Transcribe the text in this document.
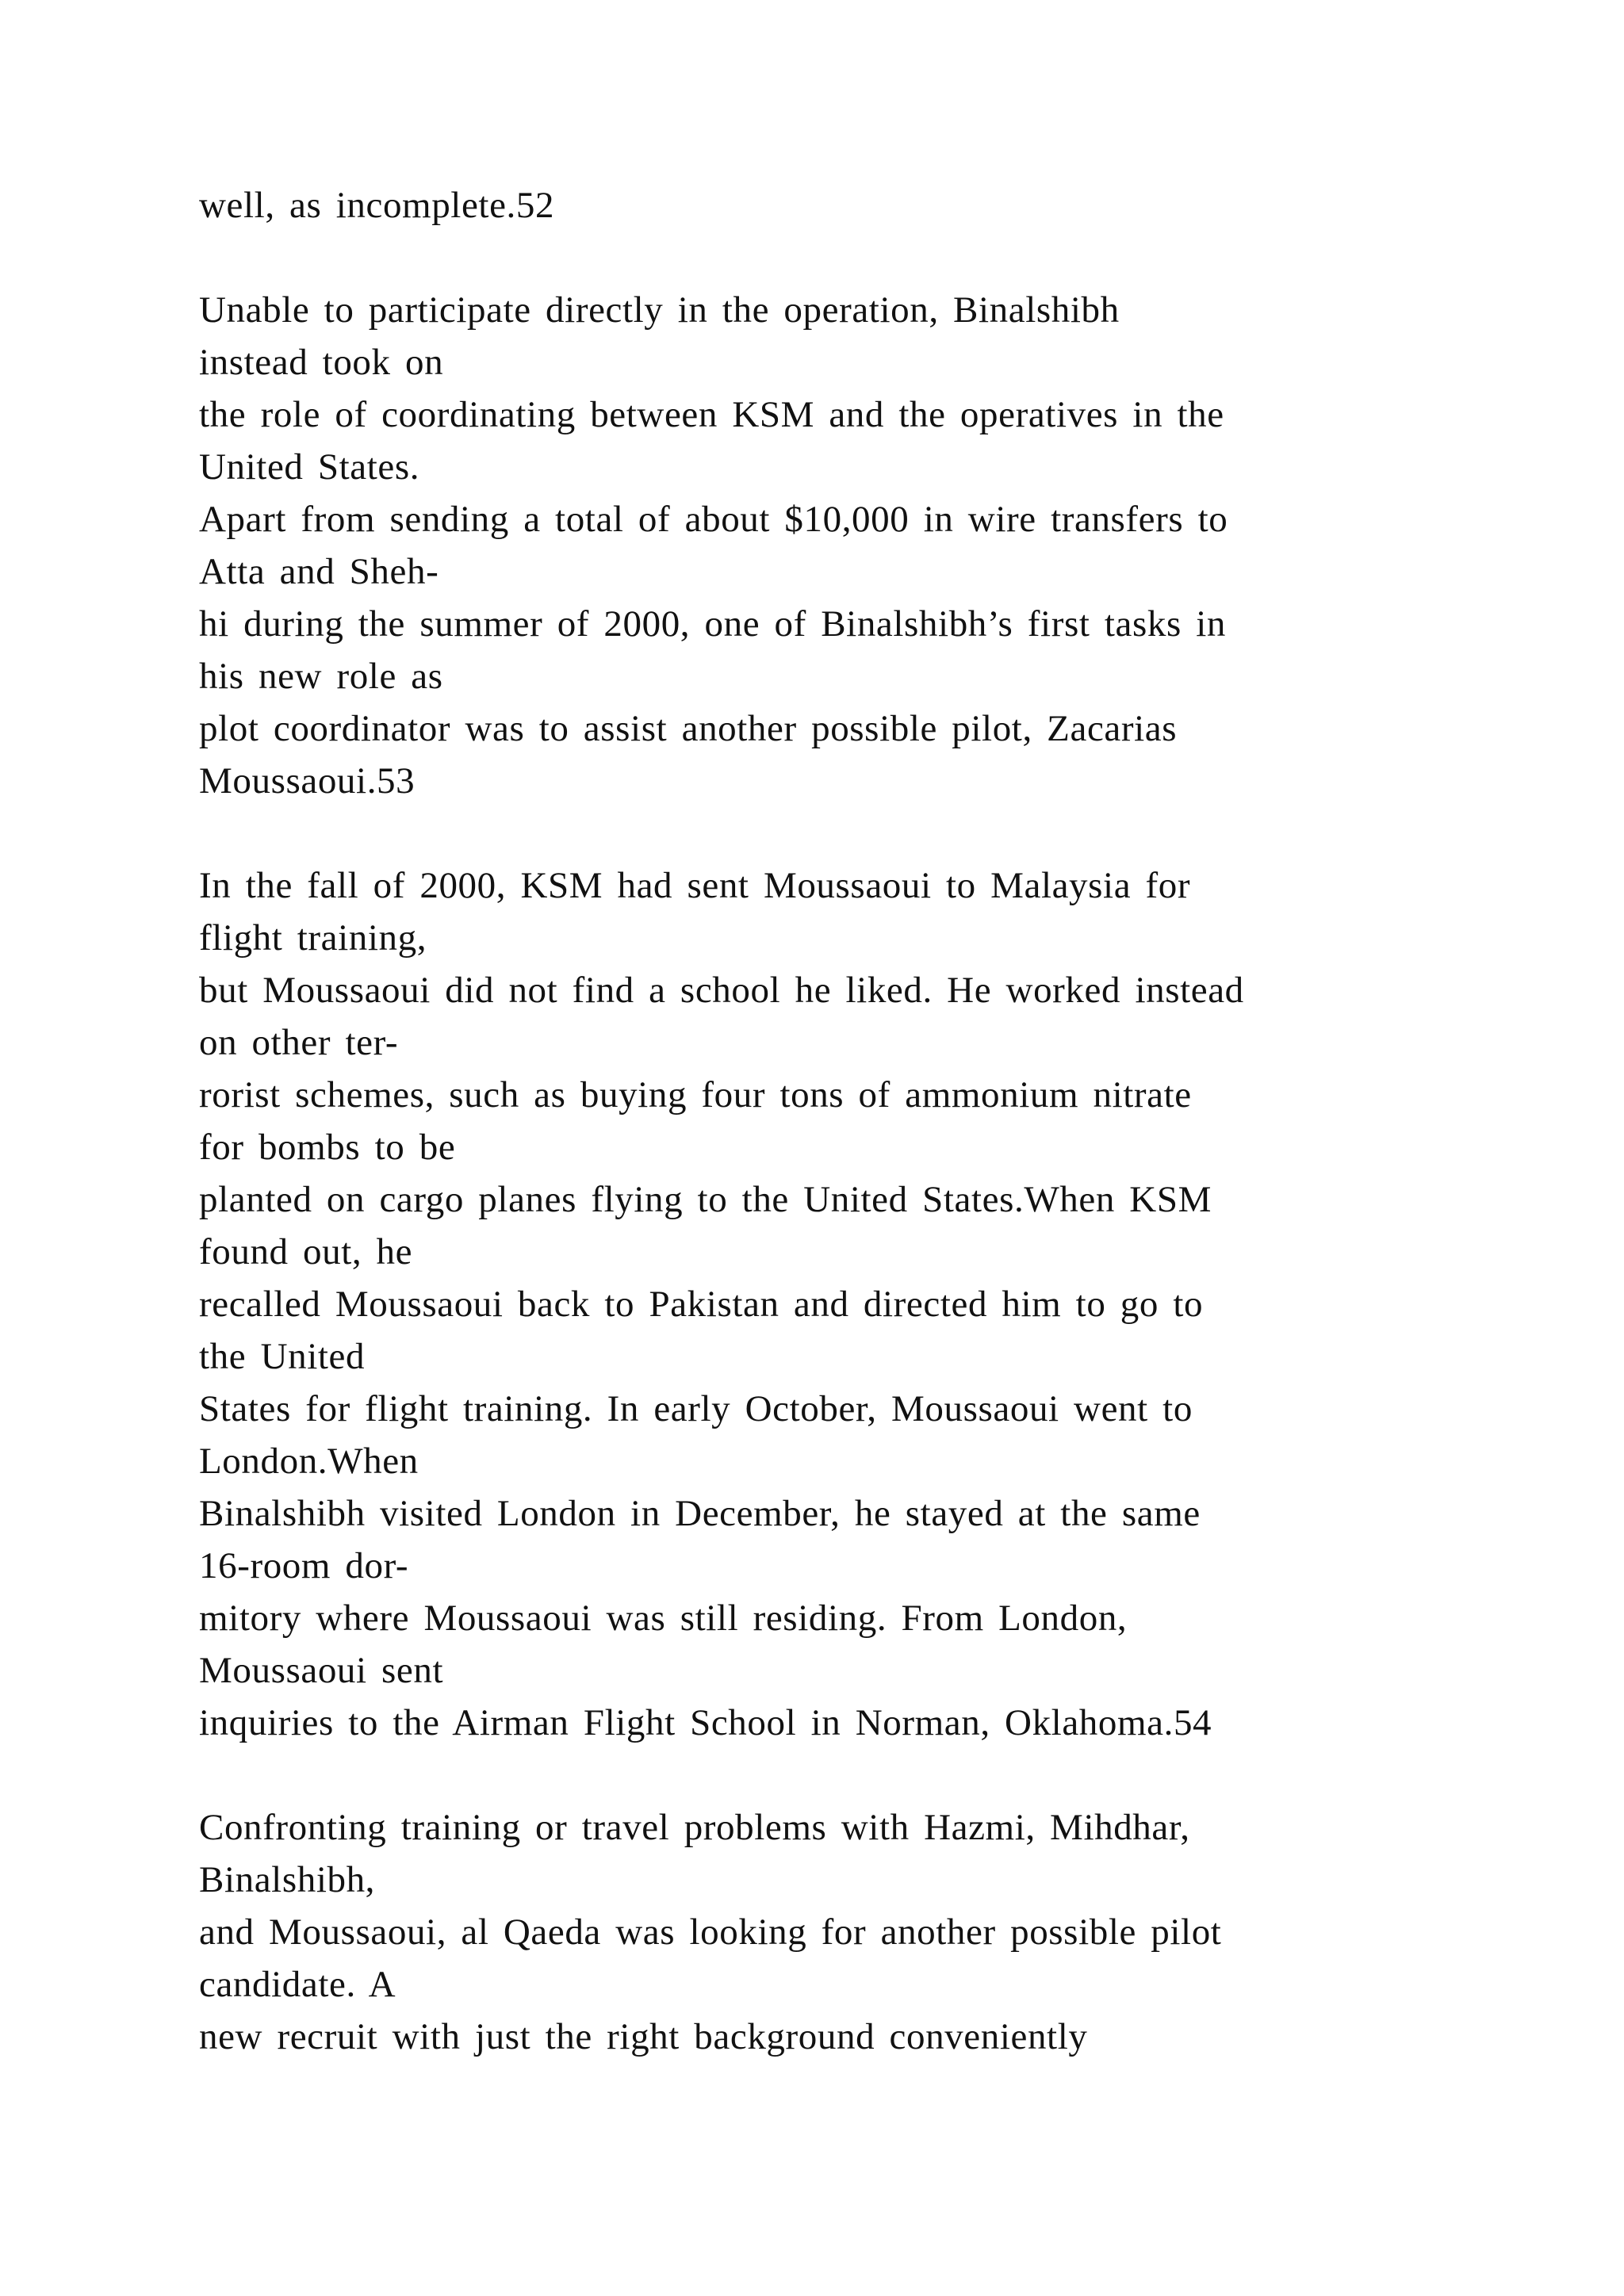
well, as incomplete.52
Unable to participate directly in the operation, Binalshibh
instead took on
the role of coordinating between KSM and the operatives in the
United States.
Apart from sending a total of about $10,000 in wire transfers to
Atta and Sheh-
hi during the summer of 2000, one of Binalshibh’s first tasks in
his new role as
plot coordinator was to assist another possible pilot, Zacarias
Moussaoui.53
In the fall of 2000, KSM had sent Moussaoui to Malaysia for
flight training,
but Moussaoui did not find a school he liked. He worked instead
on other ter-
rorist schemes, such as buying four tons of ammonium nitrate
for bombs to be
planted on cargo planes flying to the United States.When KSM
found out, he
recalled Moussaoui back to Pakistan and directed him to go to
the United
States for flight training. In early October, Moussaoui went to
London.When
Binalshibh visited London in December, he stayed at the same
16-room dor-
mitory where Moussaoui was still residing. From London,
Moussaoui sent
inquiries to the Airman Flight School in Norman, Oklahoma.54
Confronting training or travel problems with Hazmi, Mihdhar,
Binalshibh,
and Moussaoui, al Qaeda was looking for another possible pilot
candidate. A
new recruit with just the right background conveniently
